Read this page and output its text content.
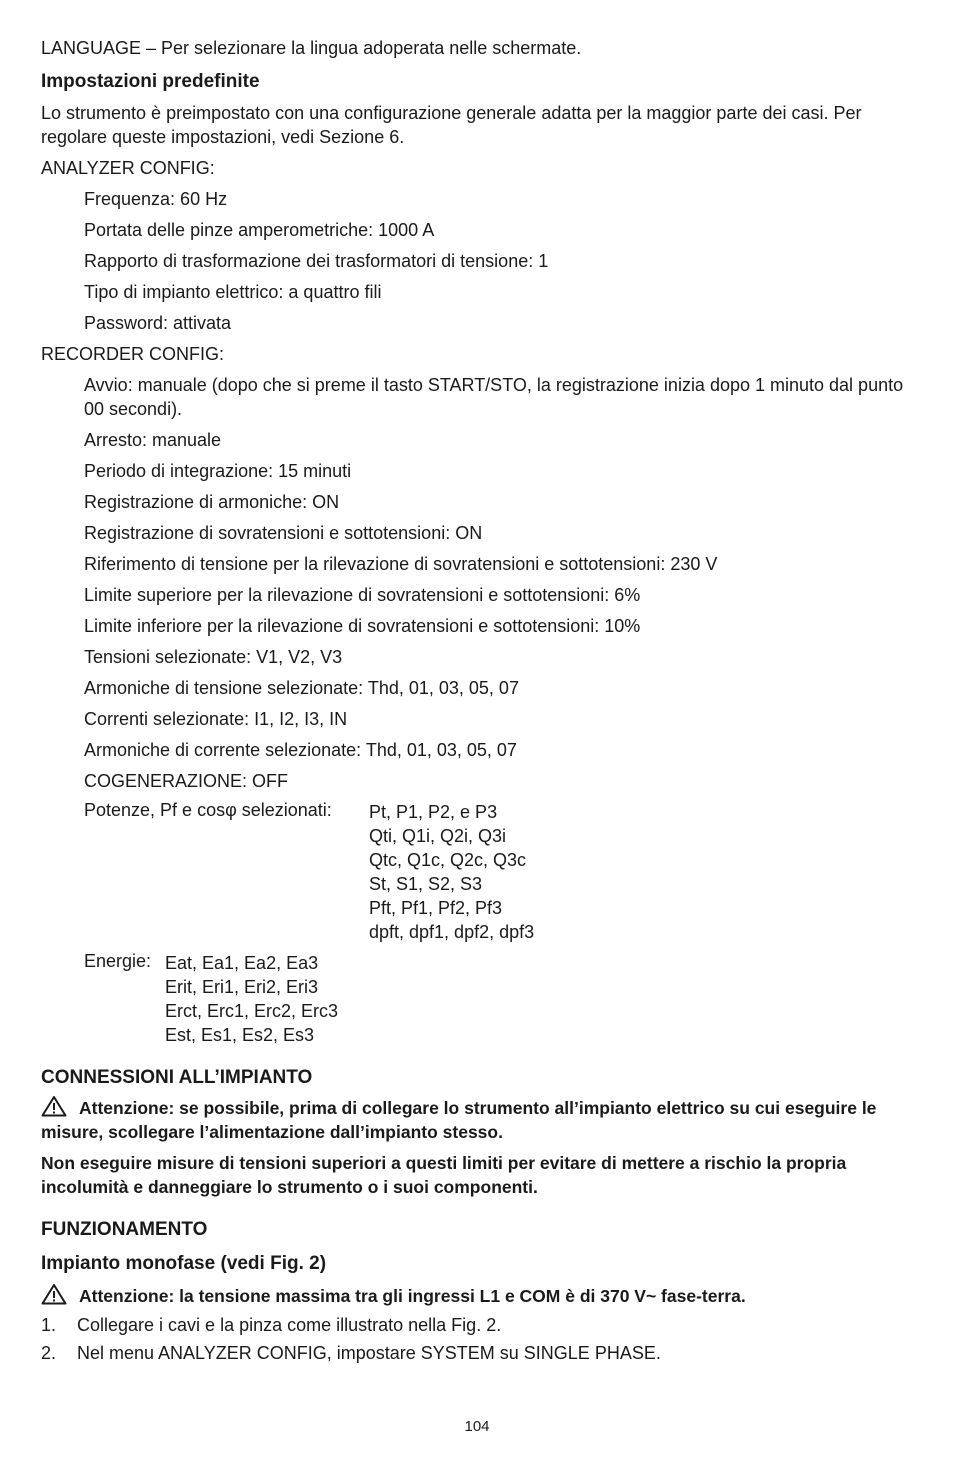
LANGUAGE – Per selezionare la lingua adoperata nelle schermate.

Impostazioni predefinite

Lo strumento è preimpostato con una configurazione generale adatta per la maggior parte dei casi. Per regolare queste impostazioni, vedi Sezione 6.

ANALYZER CONFIG:

Frequenza: 60 Hz

Portata delle pinze amperometriche: 1000 A

Rapporto di trasformazione dei trasformatori di tensione: 1

Tipo di impianto elettrico: a quattro fili

Password: attivata

RECORDER CONFIG:

Avvio: manuale (dopo che si preme il tasto START/STO, la registrazione inizia dopo 1 minuto dal punto 00 secondi).

Arresto: manuale

Periodo di integrazione: 15 minuti

Registrazione di armoniche: ON

Registrazione di sovratensioni e sottotensioni: ON

Riferimento di tensione per la rilevazione di sovratensioni e sottotensioni: 230 V

Limite superiore per la rilevazione di sovratensioni e sottotensioni: 6%

Limite inferiore per la rilevazione di sovratensioni e sottotensioni: 10%

Tensioni selezionate: V1, V2, V3

Armoniche di tensione selezionate: Thd, 01, 03, 05, 07

Correnti selezionate: I1, I2, I3, IN

Armoniche di corrente selezionate: Thd, 01, 03, 05, 07

COGENERAZIONE: OFF

Potenze, Pf e cosφ selezionati:	Pt, P1, P2, e P3
Qti, Q1i, Q2i, Q3i
Qtc, Q1c, Q2c, Q3c
St, S1, S2, S3
Pft, Pf1, Pf2, Pf3
dpft, dpf1, dpf2, dpf3
Energie: Eat, Ea1, Ea2, Ea3
Erit, Eri1, Eri2, Eri3
Erct, Erc1, Erc2, Erc3
Est, Es1, Es2, Es3

CONNESSIONI ALL’IMPIANTO

Attenzione: se possibile, prima di collegare lo strumento all’impianto elettrico su cui eseguire le misure, scollegare l’alimentazione dall’impianto stesso.

Non eseguire misure di tensioni superiori a questi limiti per evitare di mettere a rischio la propria incolumità e danneggiare lo strumento o i suoi componenti.

FUNZIONAMENTO

Impianto monofase (vedi Fig. 2)

Attenzione: la tensione massima tra gli ingressi L1 e COM è di 370 V~ fase-terra.

1.	Collegare i cavi e la pinza come illustrato nella Fig. 2.
2.	Nel menu ANALYZER CONFIG, impostare SYSTEM su SINGLE PHASE.
104
